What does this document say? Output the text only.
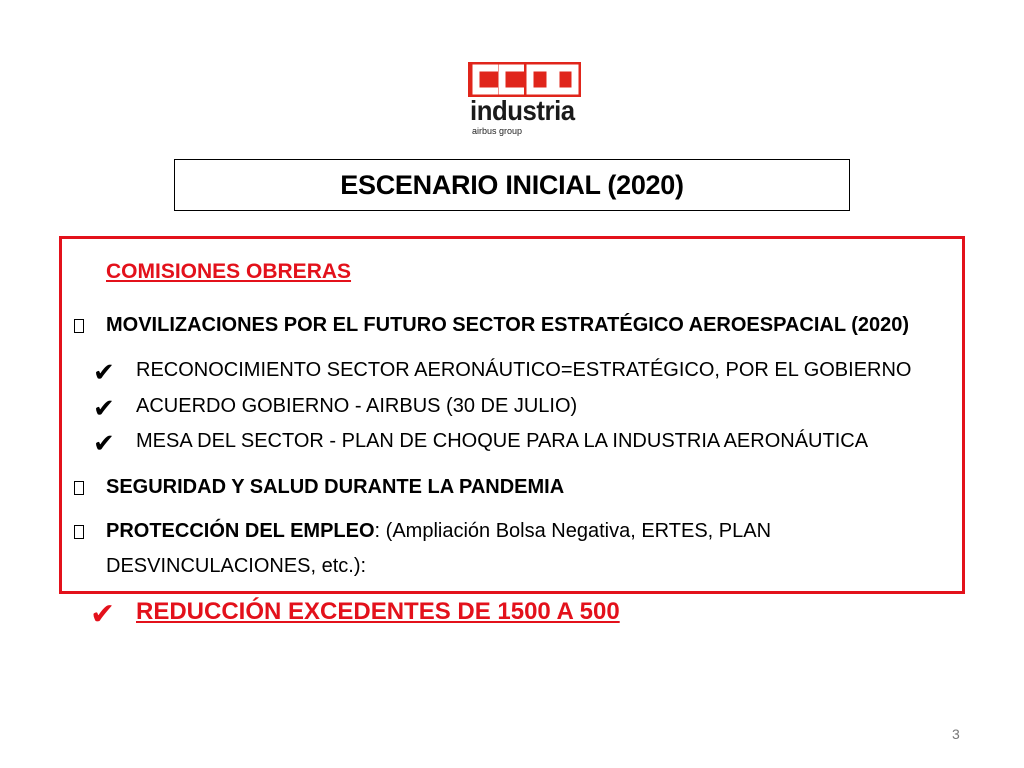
industria
airbus group
ESCENARIO INICIAL (2020)
COMISIONES OBRERAS
MOVILIZACIONES POR EL FUTURO SECTOR ESTRATÉGICO AEROESPACIAL (2020)
✔ RECONOCIMIENTO SECTOR AERONÁUTICO=ESTRATÉGICO, POR EL GOBIERNO
✔ ACUERDO GOBIERNO - AIRBUS (30 DE JULIO)
✔ MESA DEL SECTOR - PLAN DE CHOQUE PARA LA INDUSTRIA AERONÁUTICA
SEGURIDAD Y SALUD DURANTE LA PANDEMIA
PROTECCIÓN DEL EMPLEO: (Ampliación Bolsa Negativa, ERTES, PLAN
DESVINCULACIONES, etc.):
✔ REDUCCIÓN EXCEDENTES DE 1500 A 500
3
